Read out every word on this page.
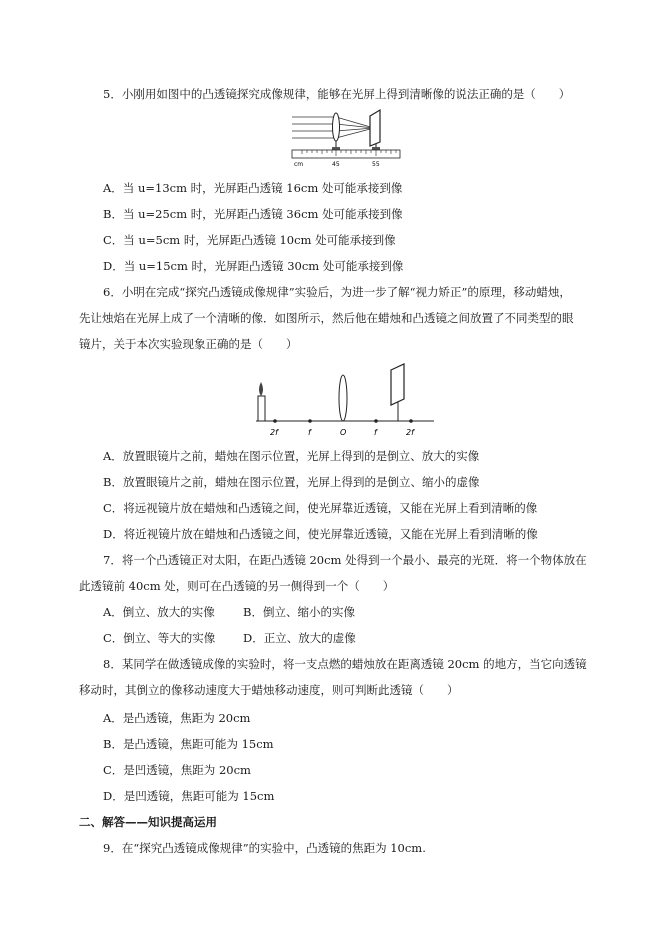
5．小刚用如图中的凸透镜探究成像规律，能够在光屏上得到清晰像的说法正确的是（　　）
cm	45	55
A．当 u=13cm 时，光屏距凸透镜 16cm 处可能承接到像
B．当 u=25cm 时，光屏距凸透镜 36cm 处可能承接到像
C．当 u=5cm 时，光屏距凸透镜 10cm 处可能承接到像
D．当 u=15cm 时，光屏距凸透镜 30cm 处可能承接到像
6．小明在完成“探究凸透镜成像规律”实验后，为进一步了解“视力矫正”的原理，移动蜡烛，
先让烛焰在光屏上成了一个清晰的像．如图所示，然后他在蜡烛和凸透镜之间放置了不同类型的眼
镜片，关于本次实验现象正确的是（　　）
2f	f	O	f	2f
A．放置眼镜片之前，蜡烛在图示位置，光屏上得到的是倒立、放大的实像
B．放置眼镜片之前，蜡烛在图示位置，光屏上得到的是倒立、缩小的虚像
C．将远视镜片放在蜡烛和凸透镜之间，使光屏靠近透镜，又能在光屏上看到清晰的像
D．将近视镜片放在蜡烛和凸透镜之间，使光屏靠近透镜，又能在光屏上看到清晰的像
7．将一个凸透镜正对太阳，在距凸透镜 20cm 处得到一个最小、最亮的光斑．将一个物体放在
此透镜前 40cm 处，则可在凸透镜的另一侧得到一个（　　）
A．倒立、放大的实像 B．倒立、缩小的实像
C．倒立、等大的实像 D．正立、放大的虚像
8．某同学在做透镜成像的实验时，将一支点燃的蜡烛放在距离透镜 20cm 的地方，当它向透镜
移动时，其倒立的像移动速度大于蜡烛移动速度，则可判断此透镜（　　）
A．是凸透镜，焦距为 20cm
B．是凸透镜，焦距可能为 15cm
C．是凹透镜，焦距为 20cm
D．是凹透镜，焦距可能为 15cm
二、解答——知识提高运用
9．在“探究凸透镜成像规律”的实验中，凸透镜的焦距为 10cm.
